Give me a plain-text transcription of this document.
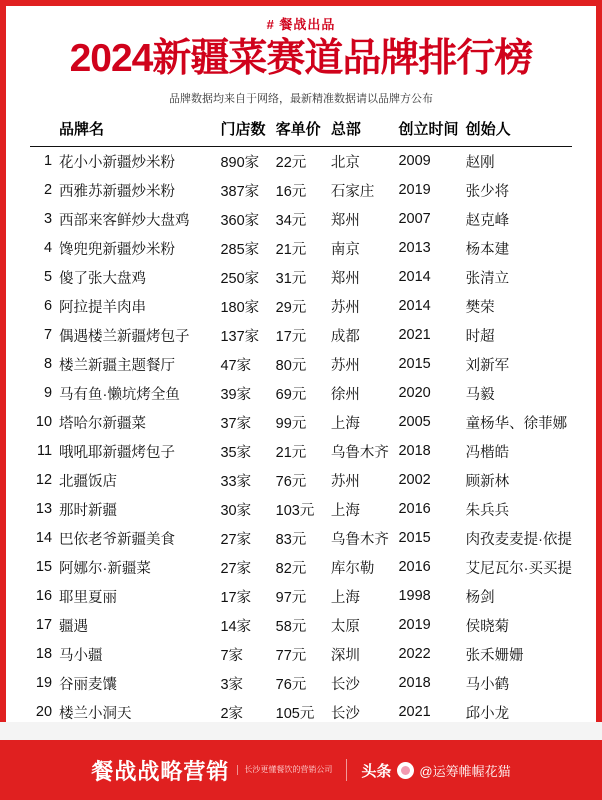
# 餐战出品
2024新疆菜赛道品牌排行榜
品牌数据均来自于网络，最新精准数据请以品牌方公布
	品牌名	门店数	客单价	总部	创立时间	创始人
1	花小小新疆炒米粉	890家	22元	北京	2009	赵刚
2	西雅苏新疆炒米粉	387家	16元	石家庄	2019	张少将
3	西部来客鲜炒大盘鸡	360家	34元	郑州	2007	赵克峰
4	馋兜兜新疆炒米粉	285家	21元	南京	2013	杨本建
5	傻了张大盘鸡	250家	31元	郑州	2014	张清立
6	阿拉提羊肉串	180家	29元	苏州	2014	樊荣
7	偶遇楼兰新疆烤包子	137家	17元	成都	2021	时超
8	楼兰新疆主题餐厅	47家	80元	苏州	2015	刘新军
9	马有鱼·懒坑烤全鱼	39家	69元	徐州	2020	马毅
10	塔哈尔新疆菜	37家	99元	上海	2005	童杨华、徐菲娜
11	哦吼耶新疆烤包子	35家	21元	乌鲁木齐	2018	冯楷皓
12	北疆饭店	33家	76元	苏州	2002	顾新林
13	那时新疆	30家	103元	上海	2016	朱兵兵
14	巴依老爷新疆美食	27家	83元	乌鲁木齐	2015	肉孜麦麦提·依提
15	阿娜尔·新疆菜	27家	82元	库尔勒	2016	艾尼瓦尔·买买提
16	耶里夏丽	17家	97元	上海	1998	杨剑
17	疆遇	14家	58元	太原	2019	侯晓菊
18	马小疆	7家	77元	深圳	2022	张禾姗姗
19	谷丽麦馕	3家	76元	长沙	2018	马小鹤
20	楼兰小洞天	2家	105元	长沙	2021	邱小龙
餐战战略营销	长沙更懂餐饮的营销公司 头条 @运筹帷幄花猫
